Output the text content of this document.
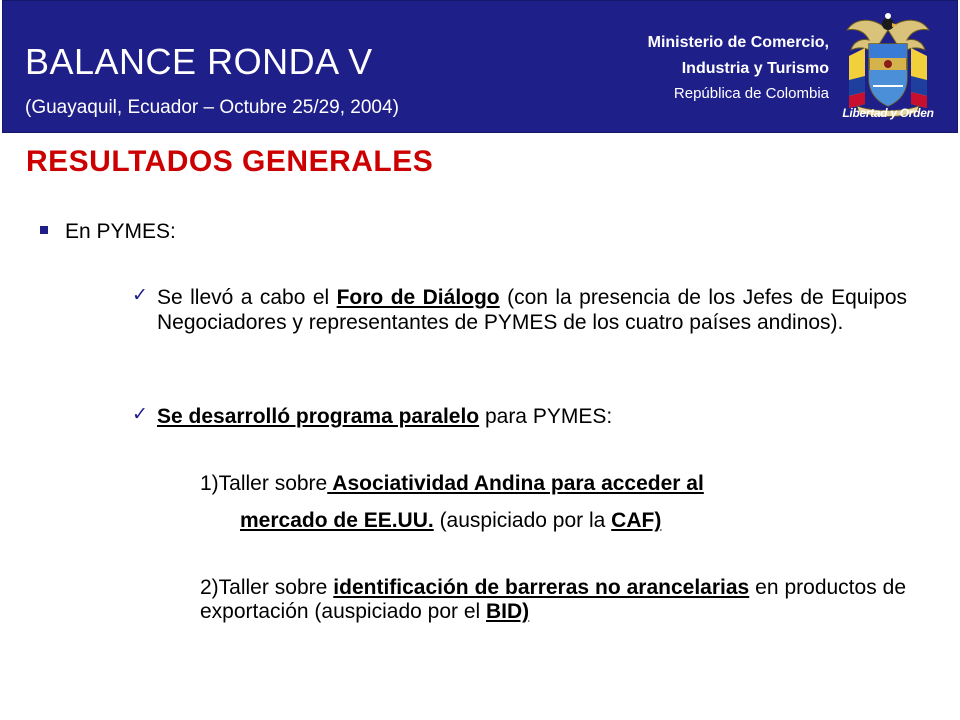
BALANCE RONDA V
(Guayaquil, Ecuador – Octubre 25/29, 2004)
Ministerio de Comercio,
Industria y Turismo
República de Colombia
Libertad y Orden
RESULTADOS GENERALES
En PYMES:
✓ Se llevó a cabo el Foro de Diálogo (con la presencia de los Jefes de Equipos Negociadores y representantes de PYMES de los cuatro países andinos).
✓ Se desarrolló programa paralelo para PYMES:
1)Taller sobre Asociatividad Andina para acceder al
mercado de EE.UU. (auspiciado por la CAF)
2)Taller sobre identificación de barreras no arancelarias en productos de exportación (auspiciado por el BID)
